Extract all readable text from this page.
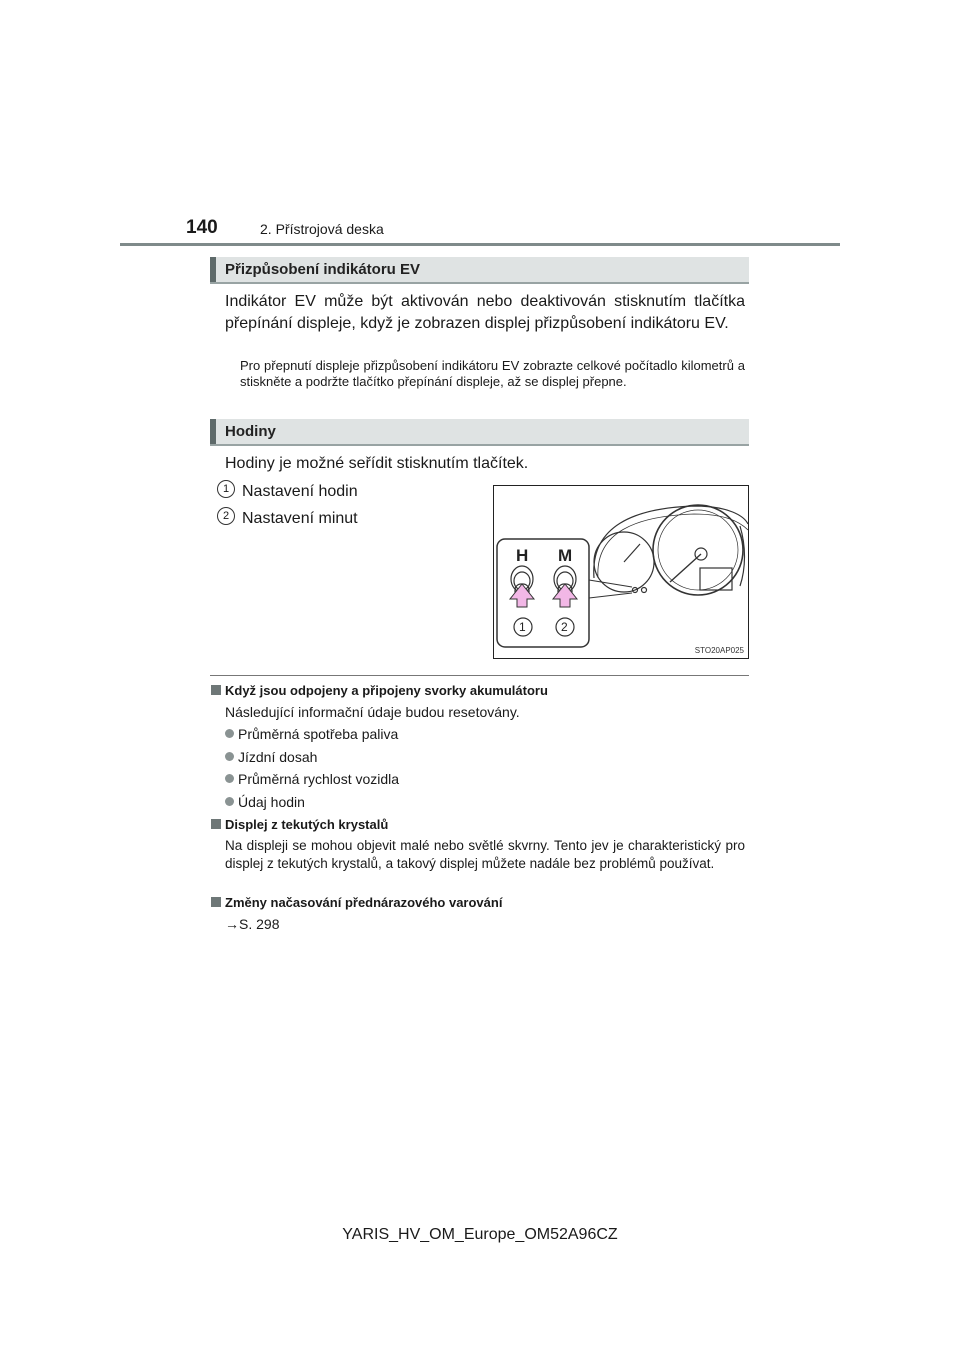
140	2. Přístrojová deska
Přizpůsobení indikátoru EV
Indikátor EV může být aktivován nebo deaktivován stisknutím tlačítka přepínání displeje, když je zobrazen displej přizpůsobení indikátoru EV.
Pro přepnutí displeje přizpůsobení indikátoru EV zobrazte celkové počítadlo kilometrů a stiskněte a podržte tlačítko přepínání displeje, až se displej přepne.
Hodiny
Hodiny je možné seřídit stisknutím tlačítek.
1 Nastavení hodin
2 Nastavení minut
H M
1	2
STO20AP025
Když jsou odpojeny a připojeny svorky akumulátoru
Následující informační údaje budou resetovány.
Průměrná spotřeba paliva
Jízdní dosah
Průměrná rychlost vozidla
Údaj hodin
Displej z tekutých krystalů
Na displeji se mohou objevit malé nebo světlé skvrny. Tento jev je charakteristický pro displej z tekutých krystalů, a takový displej můžete nadále bez problémů používat.
Změny načasování přednárazového varování
→S. 298
YARIS_HV_OM_Europe_OM52A96CZ
